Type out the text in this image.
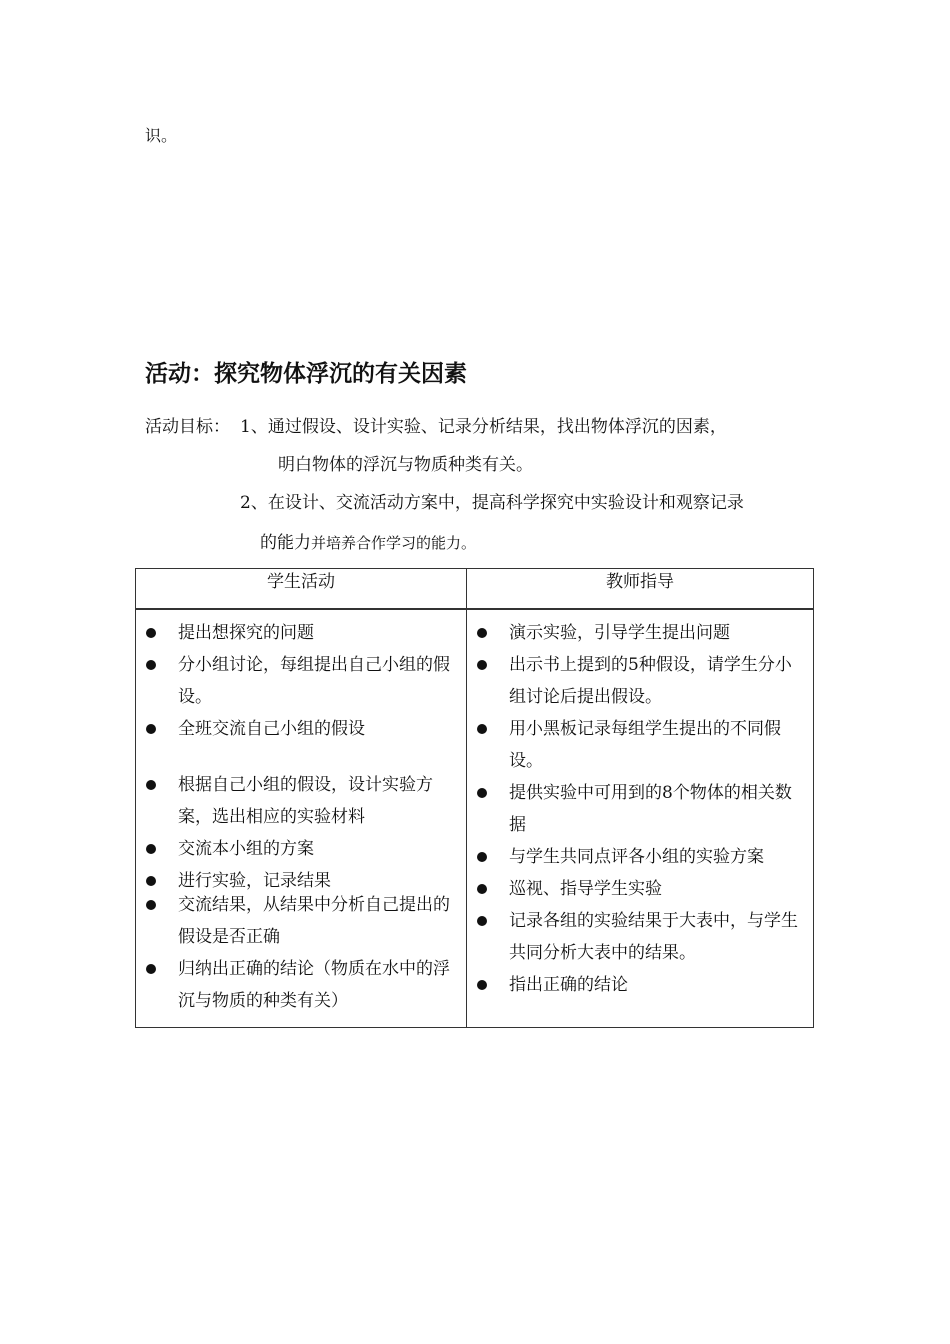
识。

活动：探究物体浮沉的有关因素

活动目标： 1、通过假设、设计实验、记录分析结果，找出物体浮沉的因素，

明白物体的浮沉与物质种类有关。

2、在设计、交流活动方案中，提高科学探究中实验设计和观察记录

的能力并培养合作学习的能力。

学生活动	教师指导

提出想探究的问题
分小组讨论，每组提出自己小组的假设。
全班交流自己小组的假设
根据自己小组的假设，设计实验方案，选出相应的实验材料
交流本小组的方案
进行实验，记录结果
交流结果，从结果中分析自己提出的假设是否正确
归纳出正确的结论（物质在水中的浮沉与物质的种类有关）
演示实验，引导学生提出问题
出示书上提到的5种假设，请学生分小组讨论后提出假设。
用小黑板记录每组学生提出的不同假设。
提供实验中可用到的8个物体的相关数据
与学生共同点评各小组的实验方案
巡视、指导学生实验
记录各组的实验结果于大表中，与学生共同分析大表中的结果。
指出正确的结论
